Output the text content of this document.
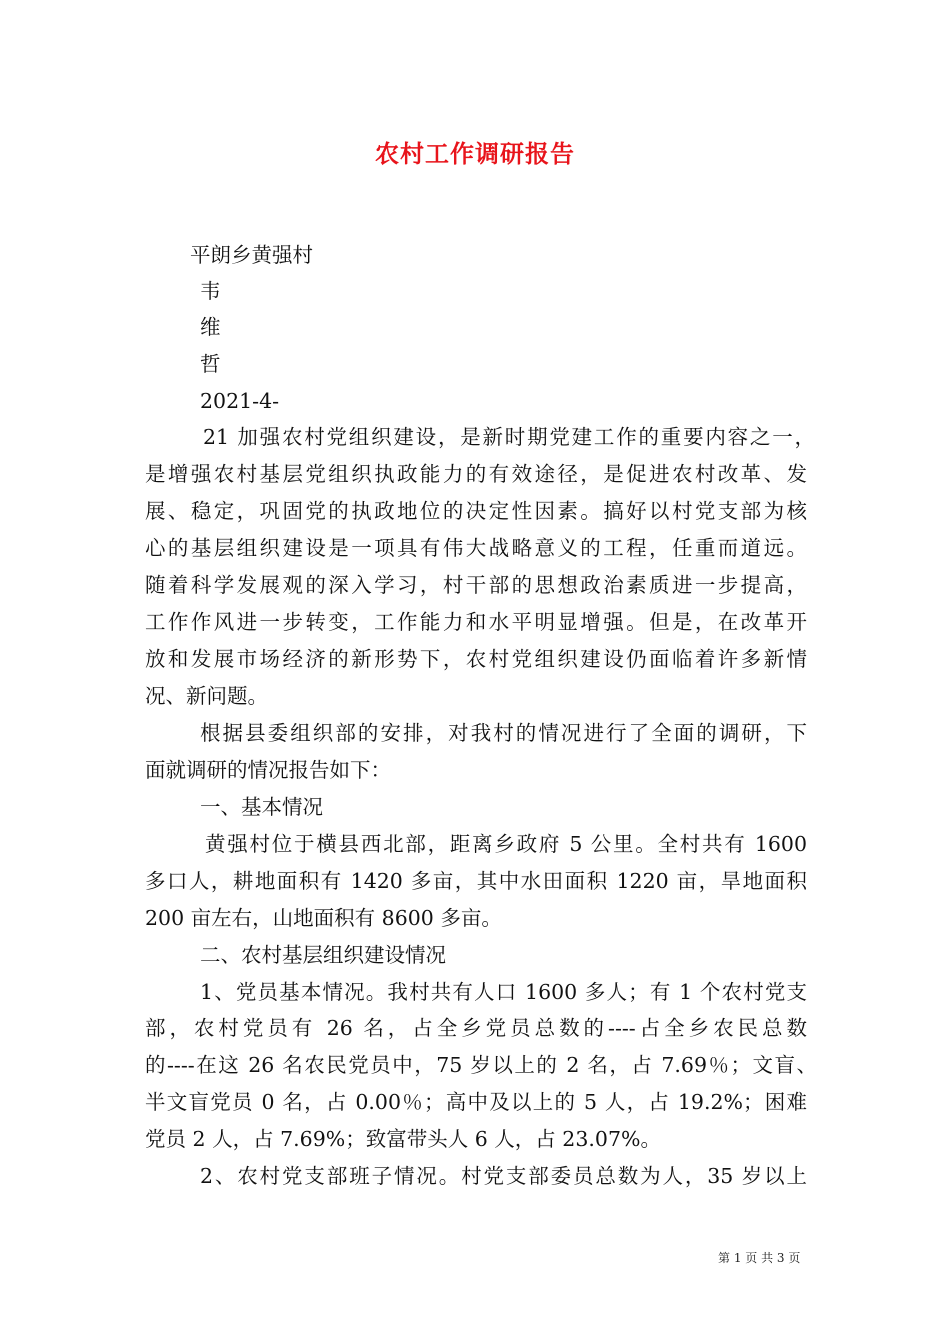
农村工作调研报告
平朗乡黄强村
韦
维
哲
2021-4-
21 加强农村党组织建设，是新时期党建工作的重要内容之一，
是增强农村基层党组织执政能力的有效途径，是促进农村改革、发
展、稳定，巩固党的执政地位的决定性因素。搞好以村党支部为核
心的基层组织建设是一项具有伟大战略意义的工程，任重而道远。
随着科学发展观的深入学习，村干部的思想政治素质进一步提高，
工作作风进一步转变，工作能力和水平明显增强。但是，在改革开
放和发展市场经济的新形势下，农村党组织建设仍面临着许多新情
况、新问题。
根据县委组织部的安排，对我村的情况进行了全面的调研，下
面就调研的情况报告如下：
一、基本情况
黄强村位于横县西北部，距离乡政府 5 公里。全村共有 1600
多口人，耕地面积有 1420 多亩，其中水田面积 1220 亩，旱地面积
200 亩左右，山地面积有 8600 多亩。
二、农村基层组织建设情况
1、党员基本情况。我村共有人口 1600 多人；有 1 个农村党支
部，农村党员有 26 名，占全乡党员总数的----占全乡农民总数
的----在这 26 名农民党员中，75 岁以上的 2 名，占 7.69％；文盲、
半文盲党员 0 名，占 0.00％；高中及以上的 5 人，占 19.2%；困难
党员 2 人，占 7.69%；致富带头人 6 人，占 23.07%。
2、农村党支部班子情况。村党支部委员总数为人，35 岁以上
第 1 页 共 3 页
